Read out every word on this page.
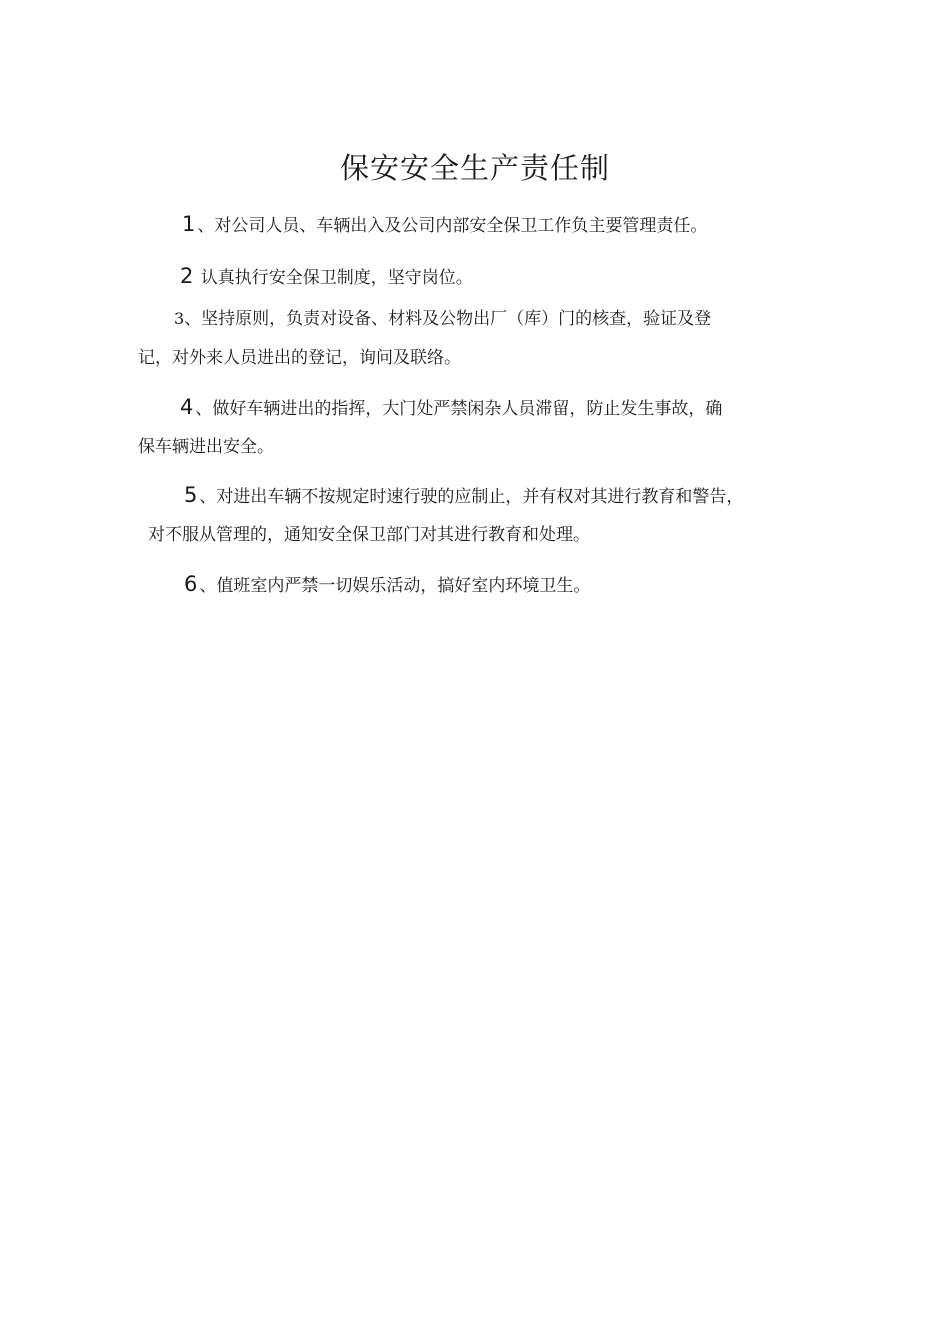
保安安全生产责任制
1 、对公司人员、车辆出入及公司内部安全保卫工作负主要管理责任。
2 认真执行安全保卫制度，坚守岗位。
3、坚持原则，负责对设备、材料及公物出厂（库）门的核查，验证及登
记，对外来人员进出的登记，询问及联络。
4 、做好车辆进出的指挥，大门处严禁闲杂人员滞留，防止发生事故，确
保车辆进出安全。
5 、对进出车辆不按规定时速行驶的应制止，并有权对其进行教育和警告，
对不服从管理的，通知安全保卫部门对其进行教育和处理。
6 、值班室内严禁一切娱乐活动，搞好室内环境卫生。
